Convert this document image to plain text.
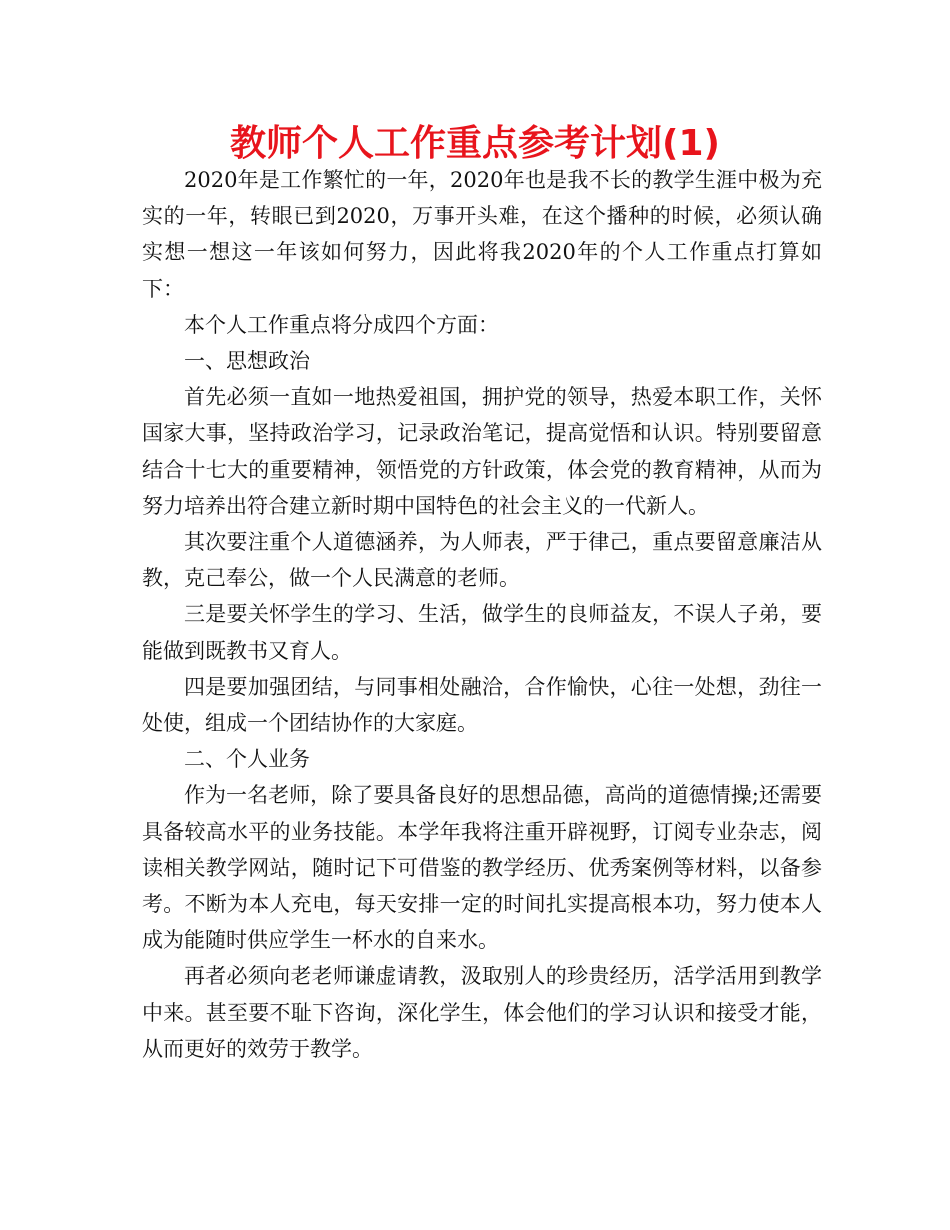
教师个人工作重点参考计划(1)

2020年是工作繁忙的一年，2020年也是我不长的教学生涯中极为充实的一年，转眼已到2020，万事开头难，在这个播种的时候，必须认确实想一想这一年该如何努力，因此将我2020年的个人工作重点打算如下：

本个人工作重点将分成四个方面：

一、思想政治

首先必须一直如一地热爱祖国，拥护党的领导，热爱本职工作，关怀国家大事，坚持政治学习，记录政治笔记，提高觉悟和认识。特别要留意结合十七大的重要精神，领悟党的方针政策，体会党的教育精神，从而为努力培养出符合建立新时期中国特色的社会主义的一代新人。

其次要注重个人道德涵养，为人师表，严于律己，重点要留意廉洁从教，克己奉公，做一个人民满意的老师。

三是要关怀学生的学习、生活，做学生的良师益友，不误人子弟，要能做到既教书又育人。

四是要加强团结，与同事相处融洽，合作愉快，心往一处想，劲往一处使，组成一个团结协作的大家庭。

二、个人业务

作为一名老师，除了要具备良好的思想品德，高尚的道德情操;还需要具备较高水平的业务技能。本学年我将注重开辟视野，订阅专业杂志，阅读相关教学网站，随时记下可借鉴的教学经历、优秀案例等材料，以备参考。不断为本人充电，每天安排一定的时间扎实提高根本功，努力使本人成为能随时供应学生一杯水的自来水。

再者必须向老老师谦虚请教，汲取别人的珍贵经历，活学活用到教学中来。甚至要不耻下咨询，深化学生，体会他们的学习认识和接受才能，从而更好的效劳于教学。
